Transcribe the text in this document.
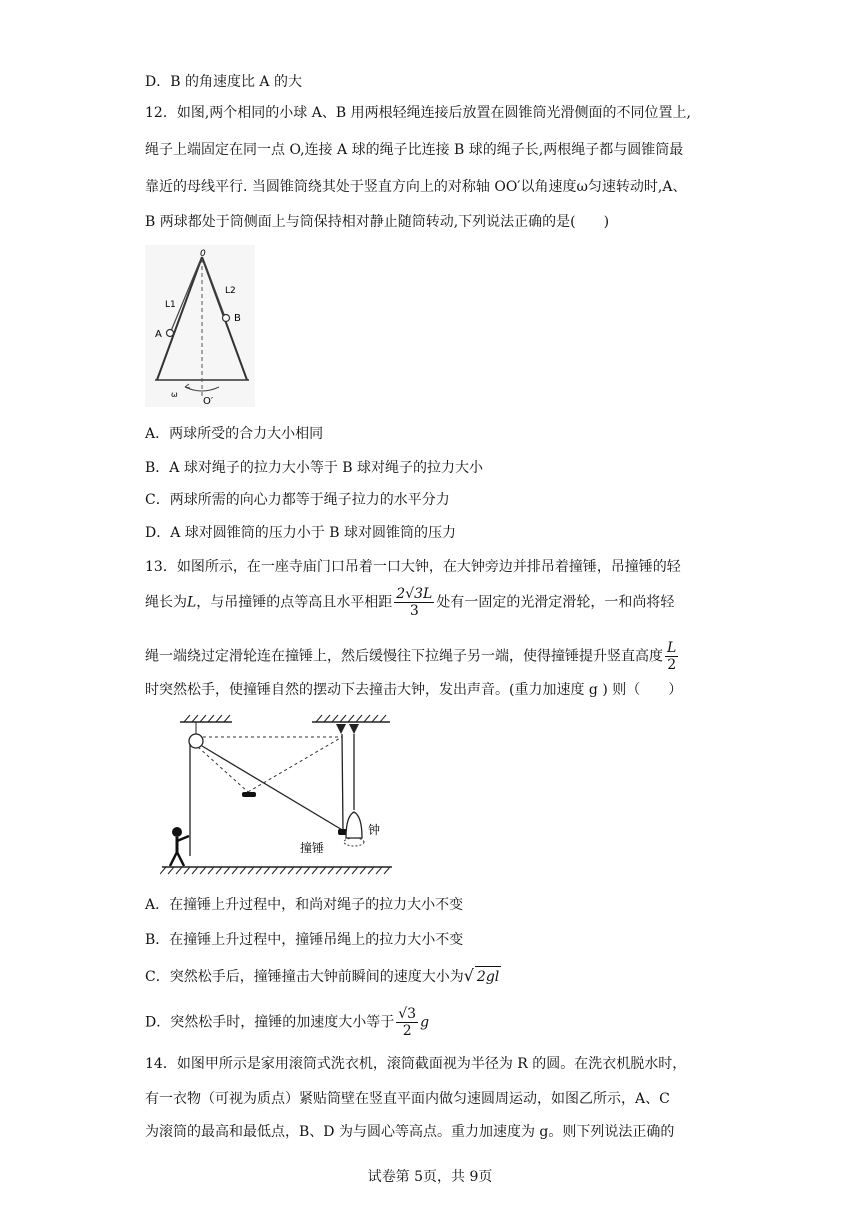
D．B 的角速度比 A 的大
12．如图,两个相同的小球 A、B 用两根轻绳连接后放置在圆锥筒光滑侧面的不同位置上,
绳子上端固定在同一点 O,连接 A 球的绳子比连接 B 球的绳子长,两根绳子都与圆锥筒最
靠近的母线平行. 当圆锥筒绕其处于竖直方向上的对称轴 OO′以角速度ω匀速转动时,A、
B 两球都处于筒侧面上与筒保持相对静止随筒转动,下列说法正确的是(　　)
0
L1
L2
A
B
ω
O′
A．两球所受的合力大小相同
B．A 球对绳子的拉力大小等于 B 球对绳子的拉力大小
C．两球所需的向心力都等于绳子拉力的水平分力
D．A 球对圆锥筒的压力小于 B 球对圆锥筒的压力
13．如图所示，在一座寺庙门口吊着一口大钟，在大钟旁边并排吊着撞锤，吊撞锤的轻
绳长为L，与吊撞锤的点等高且水平相距 $\frac{2√3L}{3}$ 处有一固定的光滑定滑轮，一和尚将轻
绳一端绕过定滑轮连在撞锤上，然后缓慢往下拉绳子另一端，使得撞锤提升竖直高度 $\frac{L}{2}$
时突然松手，使撞锤自然的摆动下去撞击大钟，发出声音。(重力加速度 g ) 则（　　）
撞锤
钟
A．在撞锤上升过程中，和尚对绳子的拉力大小不变
B．在撞锤上升过程中，撞锤吊绳上的拉力大小不变
C．突然松手后，撞锤撞击大钟前瞬间的速度大小为√ 2gl
D．突然松手时，撞锤的加速度大小等于 $\frac{√3}{2}$ g
14．如图甲所示是家用滚筒式洗衣机，滚筒截面视为半径为 R 的圆。在洗衣机脱水时，
有一衣物（可视为质点）紧贴筒壁在竖直平面内做匀速圆周运动，如图乙所示，A、C
为滚筒的最高和最低点，B、D 为与圆心等高点。重力加速度为 g。则下列说法正确的
试卷第 5页，共 9页
